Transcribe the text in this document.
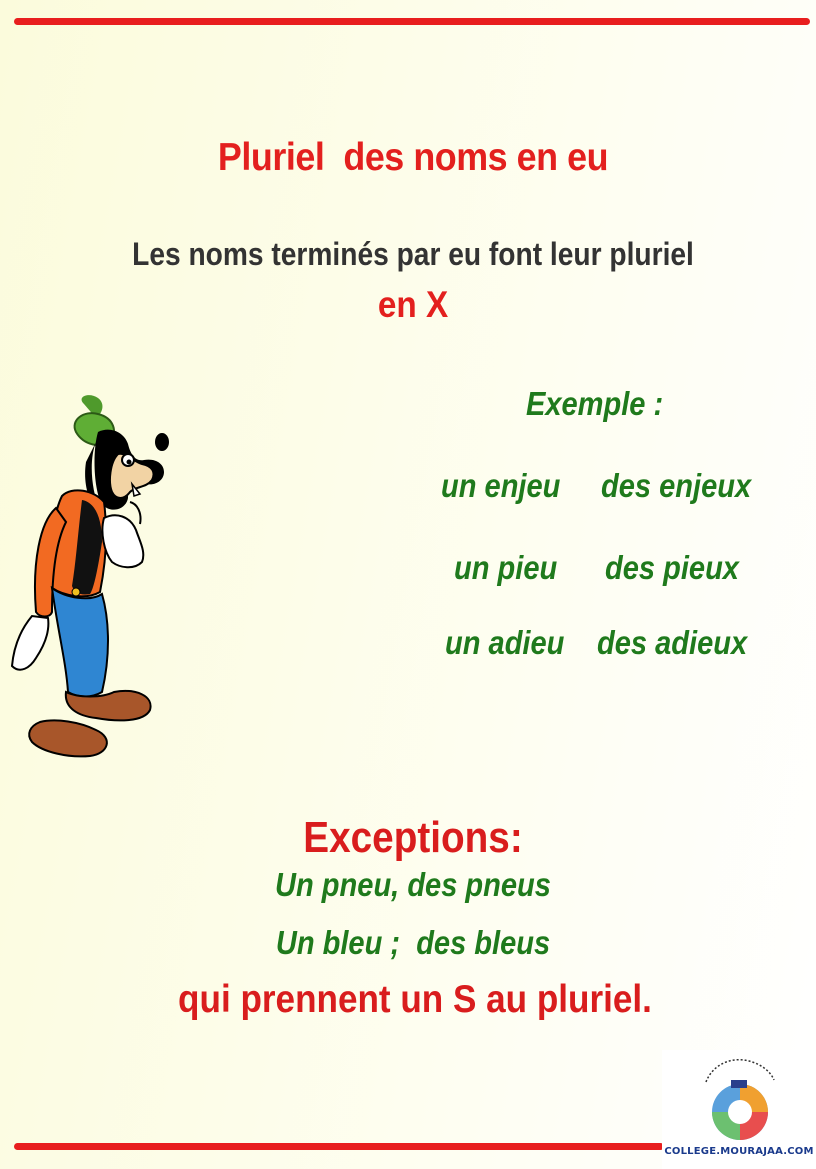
Pluriel  des noms en eu
Les noms terminés par eu font leur pluriel
en X
Exemple :
un enjeu des enjeux
un pieu des pieux
un adieu des adieux
Exceptions:
Un pneu, des pneus
Un bleu ;  des bleus
qui prennent un S au pluriel.
COLLEGE.MOURAJAA.COM
